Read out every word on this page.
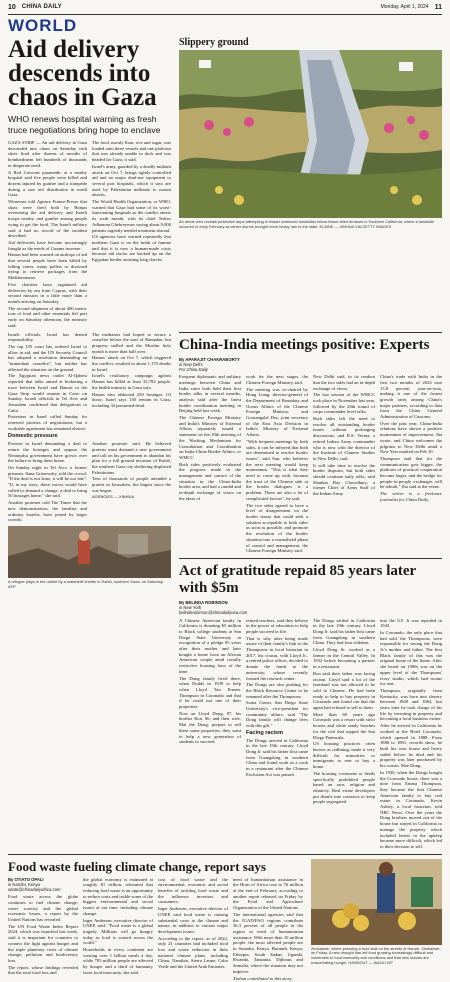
10 CHINA DAILY	Monday, April 1, 2024 11
WORLD
Aid delivery descends into chaos in Gaza
WHO renews hospital warning as fresh truce negotiations bring hope to enclave

GAZA STRIP — An aid delivery in Gaza descended into chaos on Saturday with shots fired after dozens of months of bombardment left hundreds of thousands in desperate need.

A Red Crescent paramedic at a nearby hospital said five people were killed and dozens injured by gunfire and a stampede during a rare aid distribution in north Gaza.

Witnesses told Agence France-Presse that shots were fired both by Hamas overseeing the aid delivery and Israeli troops nearby, and gunfire among people vying to get the food. The Israeli military said it had no record of the incident described.

Aid deliveries have become increasingly fraught as the needs of Gazans increase.

Hamas had been warned on airdrops of aid that several people have been killed by falling crates, many pallets or drowned trying to retrieve packages from the Mediterranean.

Five charities have organized aid deliveries by sea from Cyprus, with their second mission in a little more than a month arriving on Saturday.

The second shipment of about 400 metric tons of food and other essentials left port early on Saturday afternoon, the ministry said.

The food, mostly flour, rice and sugar, was loaded onto three vessels and one platform that was already unable to dock and was headed for Gaza, it said.

Israel's army, guarded by a deadly militant attack on Oct 7, brings tightly controlled aid and no major dual-use equipment to several port hospitals, which it says are used by Palestinian militants to mount attacks.

The World Health Organization, or WHO, warned that Gaza had some of its worst-functioning hospitals as the conflict enters its sixth month, with its chief Tedros Adhanom Ghebreyesus saying about 9,000 patients urgently needed treatment abroad.

US agencies have warned repeatedly that northern Gaza is on the brink of famine and that it is now a human-made crisis because aid trucks are backed up on the Egyptian border awaiting long checks.

Slippery ground
An aerial view reveals protective tarps attempting to thwart continued landslides below flower-filled terraces in Southern California, where a landslide occurred in early February as winter storms brought more heavy rain to the state. ELAINE — XINHUA VIA GETTY IMAGES

Israeli officials, Israel has denied responsibility.

The top UN court has ordered Israel to allow in aid, and the UN Security Council has adopted a resolution demanding an "immediate ceasefire", but neither has affected the situation on the ground.

The Egyptian news outlet Al-Qahera reported that talks aimed at brokering a truce between Israel and Hamas in the Gaza Strip would resume in Cairo on Sunday. Israeli officials in Tel Aviv and Jerusalem confirmed that delegations to Cairo.

Protesters in Israel called Sunday for renewed protests of negotiations, but a workable agreement has remained elusive.

The mediators had hoped to secure a ceasefire before the start of Ramadan, but progress stalled and the Muslim holy month is more than half over.

Hamas' attack on Oct 7, which triggered the conflict, resulted in about 1,170 deaths in Israel.

Israel's retaliatory campaign against Hamas has killed at least 32,782 people, the health ministry in Gaza says.

Hamas also abducted 250 hostages. Of those, Israel says 130 remain in Gaza, including 34 presumed dead.

Domestic pressure

Protests in Israel demanding a deal to return the hostages and oppose the Netanyahu government have grown over the failure to bring them home.

On Sunday night in Tel Aviv, a former prisoner, Ilana Gritzewsky, told the crowd: "If the deal is not done, it will be too late". "If, in my story, these voices would have called to demand a change, a deal to bring 50 hostages home," she said.

Another protester told The Times that the new demonstrations, the families and ordinary Israelis, have joined by larger crowds.

Another protester said. He believed protests must demand a new government and call on his government to abandon his plan for a full ground invasion of Rafah, the southern Gaza city sheltering displaced Palestinians.

Tens of thousands of people attended a protest in Jerusalem, the largest since the war began.

AGENCIES — XINHUA

A refugee plays in the rubble by a makeshift shelter in Rafah, southern Gaza, on Saturday. AFP
China-India meetings positive: Experts
By APARAJIT CHAKRABORTY
in New Delhi
For China Daily

Frequent diplomatic and military meetings between China and India since both held their first border talks in several months, analysts said after the latest border coordination meeting in Beijing held last week.

The Chinese Foreign Ministry and India's Ministry of External Affairs separately issued a statement on the 29th meeting of the Working Mechanism for Consultation and Coordination on India-China Border Affairs, or WMCC.

Both sides positively evaluated the progress made in the management and control of the situation in the China-India border area, and had a candid and in-depth exchange of views on the ideas of

work for the next stages, the Chinese Foreign Ministry said.

The meeting was co-chaired by Hong Liang, director-general of the Department of Boundary and Ocean Affairs of the Chinese Foreign Ministry, and Gourangalal Das, joint secretary of the East Asia Division in India's Ministry of External Affairs.

"With frequent meetings by both sides, it can be inferred that both are determined to resolve border issues", said Sun, who believes the next meeting would keep momentum. "This is what they need to come up with, because the trust of the Chinese side at the border dialogues is a problem. There are also a lot of complicated factors", he said.

The two sides agreed to have a level of disagreement on the border issues that could seek a solution acceptable to both sides as soon as possible, and promote the resolution of the border situation into a normalized phase of control and management, the Chinese Foreign Ministry said.

New Delhi said, in its readout that the two sides had an in-depth exchange of views.

The last session of the WMCC took place in November last year, followed by the 20th round of corps commander level talks.

Both sides felt the need to resolve all outstanding border issues without prolonging discussions, and R.S. Verma, a retired Indian Army commander who is now with the director of the Institute of Chinese Studies in New Delhi, said.

It will take time to resolve the border disputes, but both sides should continue early talks, said Shankar Ray Chowdhury, a former Chief of Army Staff of the Indian Army.

China's trade with India in the first two months of 2024 rose 13.8 percent year-on-year, making it one of the fastest growth rates among China's major partners, according to data from the China General Administration of Customs.

Over the past year, China-India relations have shown a positive momentum of improvement, Jha wrote, and China welcomes the pilgrims to New Delhi amid a New Year marked on Feb 10.

Thompson said that for the communication gets bigger, the platform of practical cooperation become larger, and the bridge for people-to-people exchanges will be rebuilt," Jha said at the event.

The writer is a freelance journalist for China Daily.

Act of gratitude repaid 85 years later with $5m
By BELINDA ROBINSON
in New York
belindarobinson@chinadailyusa.com

A Chinese American family in California is donating $5 million to Black college students at San Diego State University in recognition of a pledge 85 years after their mother and later bought a home from an African American couple amid racially restrictive housing laws of the time.

The Dong family lived there, when Dodds in 1939 to help when Lloyd Tan Ermen. Thompson in Coronado and that if he could not one of their properties.

Now an Lloyd Dong, 87, his brother Ron, 86, and their wife, Mai the Dong, prepare to sell these same properties, they want to help a new generation of students to succeed.

retired teachers, said they believe in the power of education to help people succeed in life.

That is why after being made aware of their family's link to the Thompsons in local historian in 2017, his cousin, with Lloyd Jr., a retired police officer, decided to donate the funds to the university, whose recently formed the research center.

The Dongs are also pushing for the Black Resource Center to be renamed after the Thompsons.

Sonia Green, San Diego State University's vice-president for community affairs, said "The Dong family will change lives with this gift."

Facing racism

The Dongs arrived in California in the late 19th century. Lloyd Dong Jr. said his father first came from Guangdong in southern China and found work as a cook in a restaurant after the Chinese Exclusion Act was passed.

The Dongs settled in California in the late 19th century. Lloyd Dong Jr. said his father first came from Guangdong in southern China. They had four children.

Lloyd Dong Sr. worked as a farmer in the Central Valley. In 1932 before becoming a partner in a restaurant.

Ron said their father was facing racism. Lloyd said a lot of the farmland was not allowed to be sold to Chinese. He had been ready to help to buy property in Coronado and found out that the agent had refused to sell to them.

More than 60 years ago Coronado was a resort with strict houses and white sandy beaches for the rich that topped the San Diego Peninsula.

US housing practices often known as redlining, made it very difficult for minorities or immigrants to rent or buy a home.

The housing covenants or deeds specifically prohibited people based on race, religion and ethnicity. Real estate developers put details into contracts to keep people segregated.

into the US. It was repealed in 1943.

In Coronado, the only place that had sold, the Thompsons, were responsible for saving the Dong Jr.'s mother and father. The first Black family of this was the original home of the home. After she heard on 1900s was on the upper level of the Thompsons' ivory studio, which had rooms for rent.

Thompson, originally from Kentucky, was born into slavery between 1849 and 1862, but years later he took charge of his life by investing in property and becoming a local business owner.

After he arrived in California he worked at the Hotel Coronado, which opened in 1888. From 1888 to 1891, records show, he built his own house and livery stable before he died and his property was later purchased by his cousin, Mae Dong.

In 1930, when the Dongs bought the Coronado house, there was a note from Emma Thompson, they became the first Chinese American family to buy real estate in Coronado, Kevin Ashley, a local historian, told NBC News. Over the years the Dong brothers moved out of the house but stayed in California to manage the property which included letters in the upkeep became more difficult, which led to their decision to sell.

Food waste fueling climate change, report says
By OTIATO OPALI
in Nairobi, Kenya
otiato@chinadailyafrica.com

Food waste across the globe continues to fuel climate change, water scarcity and the global economic losses, a report by the United Nations has revealed.

The UN Food Waste Index Report 2024, which was launched last week, said it is important for countries to connect the fight against hunger and the triple planetary crisis of climate change, pollution and biodiversity loss.

The report, whose findings revealed that the total food loss and

the global economy is estimated at roughly $1 trillion, reiterated that reducing food waste is an opportunity to reduce costs and tackle some of the biggest environmental and social issues of our time, including climate change.

Inger Andersen, executive director of UNEP, said: "Food waste is a global tragedy. Millions will go hungry today as food is wasted across the world."

Households in every continent are wasting over 1 billion meals a day, while 783 million people are affected by hunger and a third of humanity faces food insecurity, she said.

cost of food waste and the environmental, economic and social benefits of tackling food waste and the influence investors and consumers.

Inger Andersen, executive director of UNEP, said food waste is causing substantial costs to the climate and nature, in addition to various major development issues.

According to the report, as of 2022, only 21 countries had included food loss and waste reduction in their national climate plans, including China, Namibia, Sierra Leone, Cabo Verde and the United Arab Emirates.

need of humanitarian assistance in the Horn of Africa rose to 76 million at the end of February, according to another report released on Friday by the Food and Agriculture Organization of the United Nations.

The international agencies said that the IGAD/FAO regions contribute 36.3 percent of all people in the region in need of humanitarian assistance. With more than 10 million people, the most affected people are in Somalia, Kenya, Burundi, Kenya, Ethiopia, South Sudan, Uganda, Rwanda, Tanzania, Djibouti and Somalia, where the situation may not improve.

Xinhua contributed to this story.

Zimbabwe, where pressing a food stall on the streets of Harare, Zimbabwe, on Friday. A new drought has left food growing increasingly difficult and vulnerable to food insecurity and conditions and that new locusts are exacerbating hunger. HANDOUT — WAGLI WT
